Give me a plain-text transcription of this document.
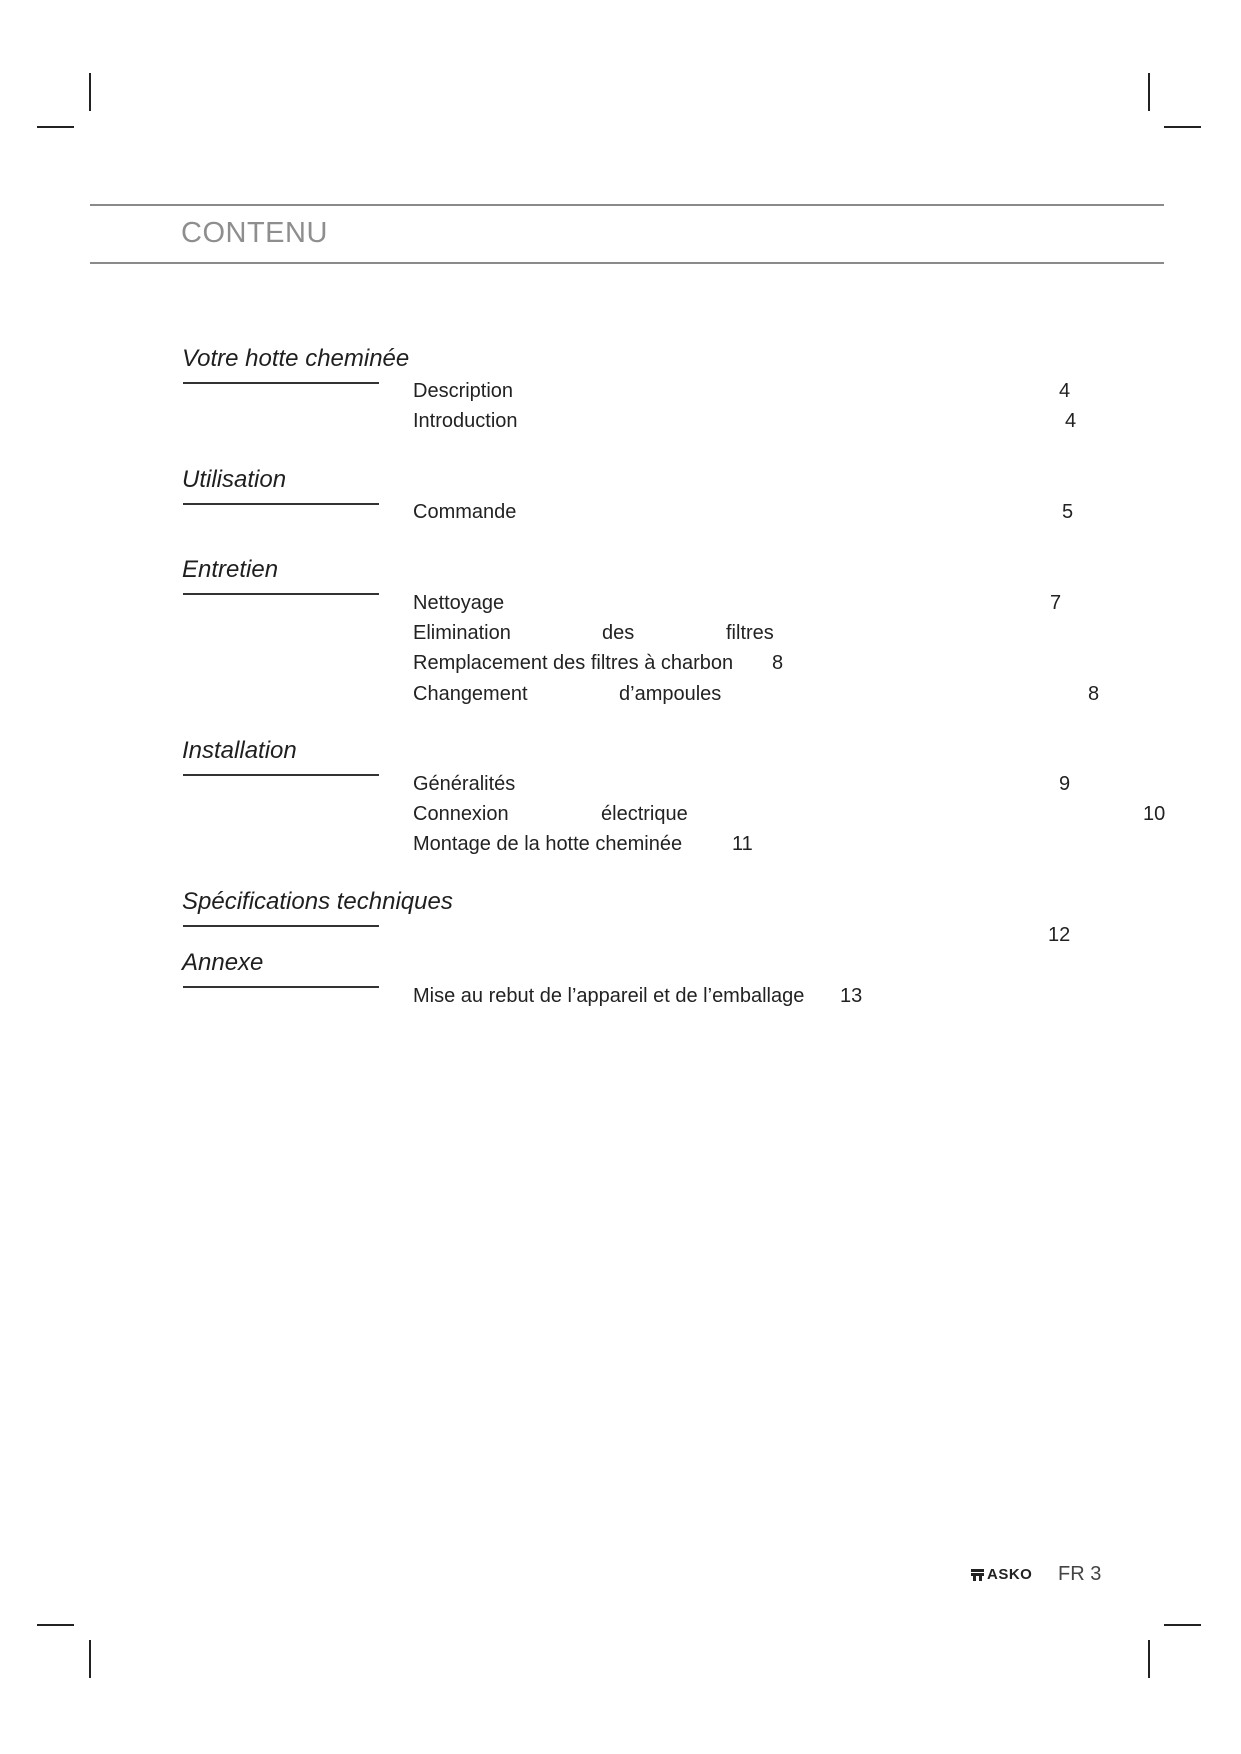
CONTENU
Votre hotte cheminée
Description	4
Introduction	4
Utilisation
Commande	5
Entretien
Nettoyage	7
Elimination	des	filtres
Remplacement des filtres à charbon 8
Changement	d’ampoules	8
Installation
Généralités	9
Connexion	électrique	10
Montage de la hotte cheminée 11
Spécifications techniques
12
Annexe
Mise au rebut de l’appareil et de l’emballage 13
ASKO FR 3
